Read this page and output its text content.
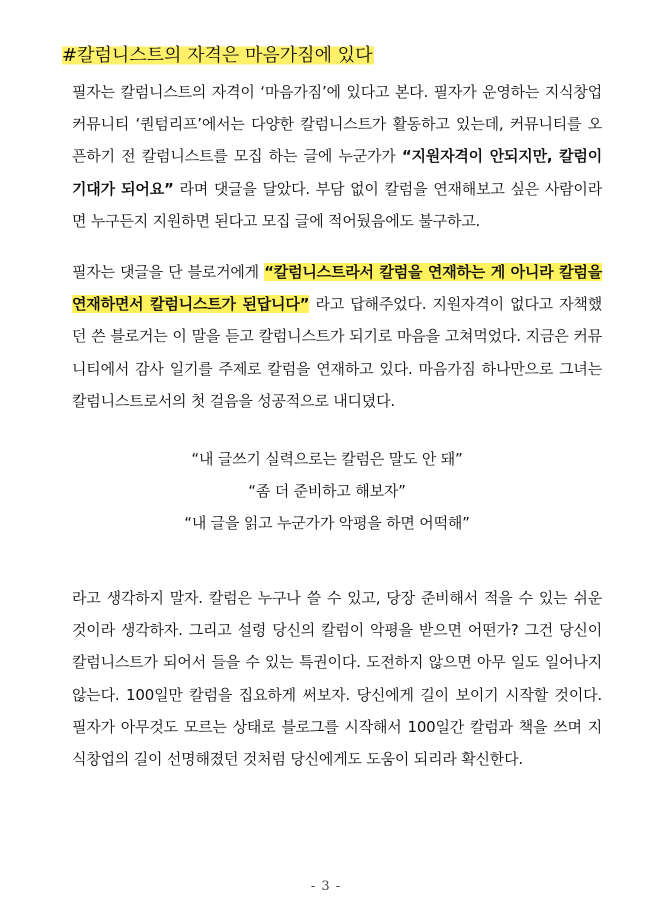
#칼럼니스트의 자격은 마음가짐에 있다

필자는 칼럼니스트의 자격이 ‘마음가짐’에 있다고 본다. 필자가 운영하는 지식창업 커뮤니티 ‘퀀텀리프’에서는 다양한 칼럼니스트가 활동하고 있는데, 커뮤니티를 오픈하기 전 칼럼니스트를 모집 하는 글에 누군가가 “지원자격이 안되지만, 칼럼이 기대가 되어요” 라며 댓글을 달았다. 부담 없이 칼럼을 연재해보고 싶은 사람이라면 누구든지 지원하면 된다고 모집 글에 적어뒀음에도 불구하고.

필자는 댓글을 단 블로거에게 “칼럼니스트라서 칼럼을 연재하는 게 아니라 칼럼을 연재하면서 칼럼니스트가 된답니다” 라고 답해주었다. 지원자격이 없다고 자책했던 쓴 블로거는 이 말을 듣고 칼럼니스트가 되기로 마음을 고쳐먹었다. 지금은 커뮤니티에서 감사 일기를 주제로 칼럼을 연재하고 있다. 마음가짐 하나만으로 그녀는 칼럼니스트로서의 첫 걸음을 성공적으로 내디뎠다.

“내 글쓰기 실력으로는 칼럼은 말도 안 돼”
“좀 더 준비하고 해보자”
“내 글을 읽고 누군가가 악평을 하면 어떡해”

라고 생각하지 말자. 칼럼은 누구나 쓸 수 있고, 당장 준비해서 적을 수 있는 쉬운 것이라 생각하자. 그리고 설령 당신의 칼럼이 악평을 받으면 어떤가? 그건 당신이 칼럼니스트가 되어서 들을 수 있는 특권이다. 도전하지 않으면 아무 일도 일어나지 않는다. 100일만 칼럼을 집요하게 써보자. 당신에게 길이 보이기 시작할 것이다. 필자가 아무것도 모르는 상태로 블로그를 시작해서 100일간 칼럼과 책을 쓰며 지식창업의 길이 선명해졌던 것처럼 당신에게도 도움이 되리라 확신한다.

- 3 -
